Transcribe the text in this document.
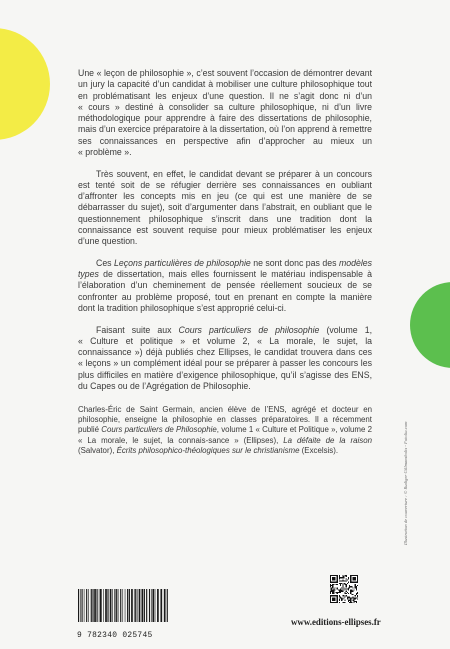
Une « leçon de philosophie », c’est souvent l’occasion de démontrer devant un jury la capacité d’un candidat à mobiliser une culture philosophique tout en problématisant les enjeux d’une question. Il ne s’agit donc ni d’un « cours » destiné à consolider sa culture philosophique, ni d’un livre méthodologique pour apprendre à faire des dissertations de philosophie, mais d’un exercice préparatoire à la dissertation, où l’on apprend à remettre ses connaissances en perspective afin d’approcher au mieux un « problème ».

Très souvent, en effet, le candidat devant se préparer à un concours est tenté soit de se réfugier derrière ses connaissances en oubliant d’affronter les concepts mis en jeu (ce qui est une manière de se débarrasser du sujet), soit d’argumenter dans l’abstrait, en oubliant que le questionnement philosophique s’inscrit dans une tradition dont la connaissance est souvent requise pour mieux problématiser les enjeux d’une question.

Ces Leçons particulières de philosophie ne sont donc pas des modèles types de dissertation, mais elles fournissent le matériau indispensable à l’élaboration d’un cheminement de pensée réellement soucieux de se confronter au problème proposé, tout en prenant en compte la manière dont la tradition philosophique s’est approprié celui-ci.

Faisant suite aux Cours particuliers de philosophie (volume 1, « Culture et politique » et volume 2, « La morale, le sujet, la connaissance ») déjà publiés chez Ellipses, le candidat trouvera dans ces « leçons » un complément idéal pour se préparer à passer les concours les plus difficiles en matière d’exigence philosophique, qu’il s’agisse des ENS, du Capes ou de l’Agrégation de Philosophie.

Charles-Éric de Saint Germain, ancien élève de l’ENS, agrégé et docteur en philosophie, enseigne la philosophie en classes préparatoires. Il a récemment publié Cours particuliers de Philosophie, volume 1 « Culture et Politique », volume 2 « La morale, le sujet, la connais-sance » (Ellipses), La défaite de la raison (Salvator), Écrits philosophico-théologiques sur le christianisme (Excelsis).	Illustration de couverture : © Rudiger Gillmansholts - Fotolia.com
9 782340 025745
www.editions-ellipses.fr
